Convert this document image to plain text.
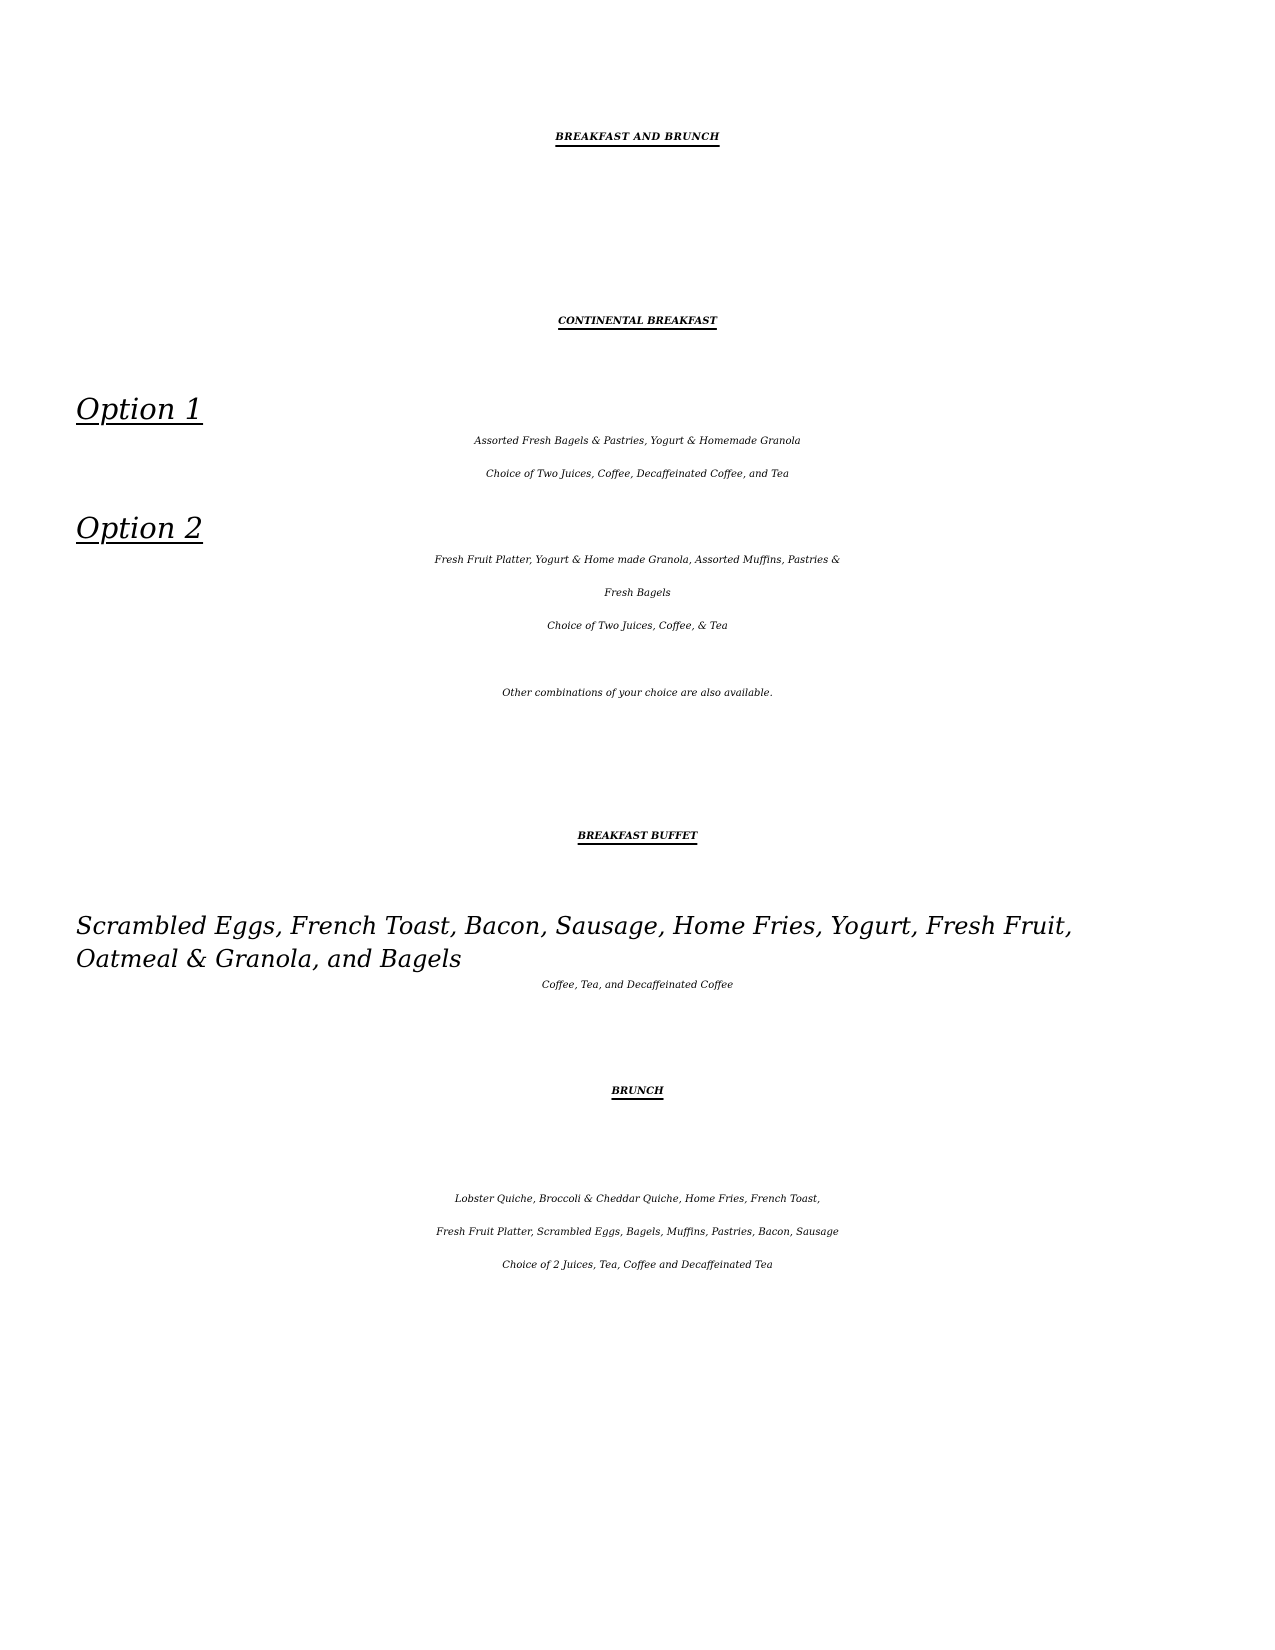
BREAKFAST AND BRUNCH
CONTINENTAL BREAKFAST
Option 1
Assorted Fresh Bagels & Pastries, Yogurt & Homemade Granola
Choice of Two Juices, Coffee, Decaffeinated Coffee, and Tea
Option 2
Fresh Fruit Platter, Yogurt & Home made Granola, Assorted Muffins, Pastries &
Fresh Bagels
Choice of Two Juices, Coffee, & Tea
Other combinations of your choice are also available.
BREAKFAST BUFFET
Scrambled Eggs, French Toast, Bacon, Sausage, Home Fries, Yogurt, Fresh Fruit,
Oatmeal & Granola, and Bagels
Coffee, Tea, and Decaffeinated Coffee
BRUNCH
Lobster Quiche, Broccoli & Cheddar Quiche, Home Fries, French Toast,
Fresh Fruit Platter, Scrambled Eggs, Bagels, Muffins, Pastries, Bacon, Sausage
Choice of 2 Juices, Tea, Coffee and Decaffeinated Tea
